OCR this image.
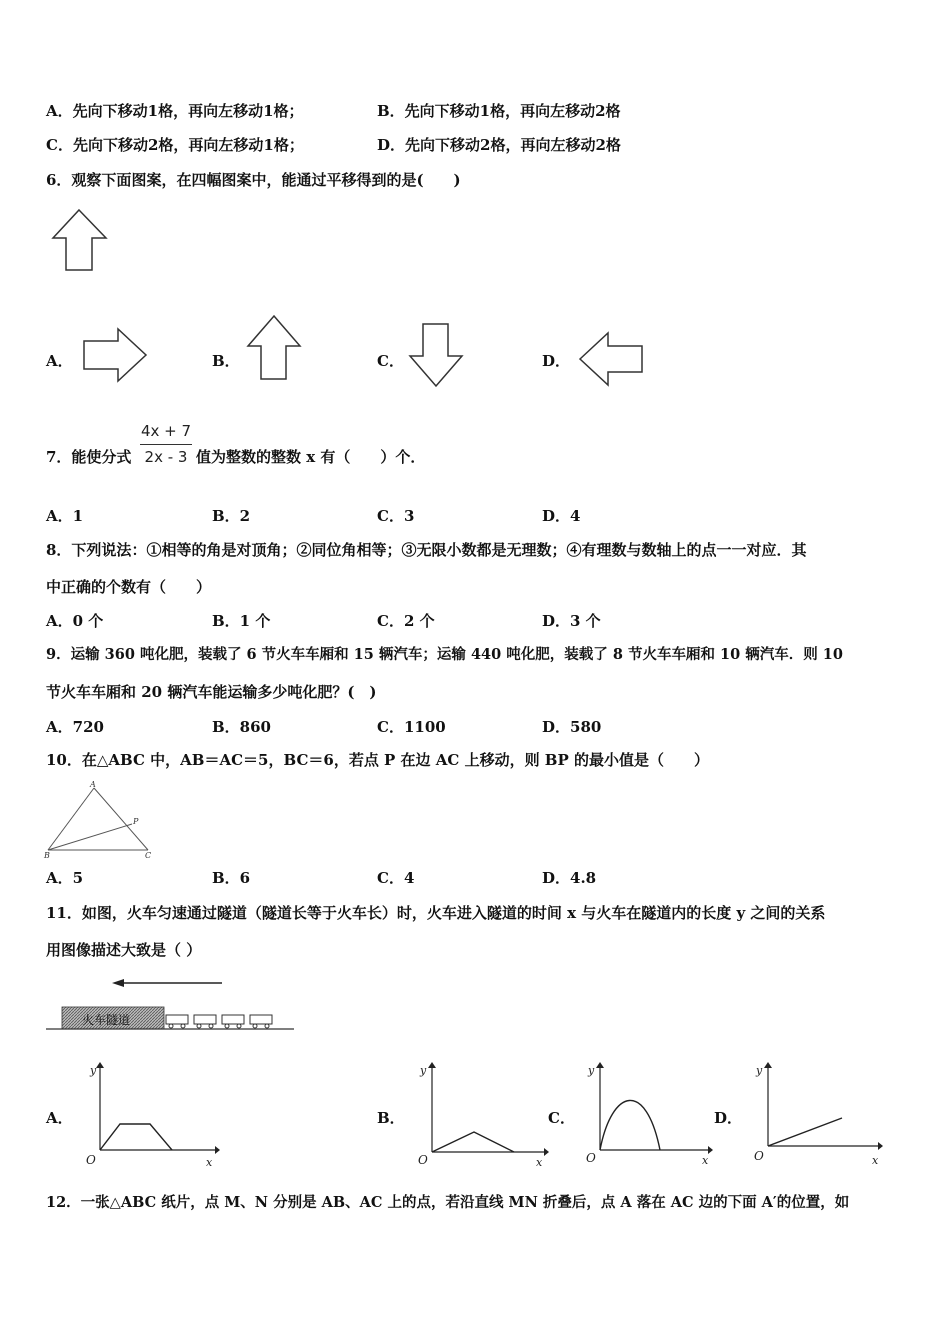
A．先向下移动1格，再向左移动1格；	B．先向下移动1格，再向左移动2格
C．先向下移动2格，再向左移动1格；	D．先向下移动2格，再向左移动2格
6．观察下面图案，在四幅图案中，能通过平移得到的是(　　)
A．	B．	C．	D．
7．能使分式
4x + 7
2x - 3 值为整数的整数 x 有（　　）个．
A．1	B．2	C．3	D．4
8．下列说法：①相等的角是对顶角；②同位角相等；③无限小数都是无理数；④有理数与数轴上的点一一对应．其
中正确的个数有（　　）
A．0 个	B．1 个	C．2 个	D．3 个
9．运输 360 吨化肥，装载了 6 节火车车厢和 15 辆汽车；运输 440 吨化肥，装载了 8 节火车车厢和 10 辆汽车．则 10
节火车车厢和 20 辆汽车能运输多少吨化肥？(　)
A．720	B．860	C．1100	D．580
10．在△ABC 中，AB＝AC＝5，BC＝6，若点 P 在边 AC 上移动，则 BP 的最小值是（　　）
A
P
B	C
A．5	B．6	C．4	D．4.8
11．如图，火车匀速通过隧道（隧道长等于火车长）时，火车进入隧道的时间 x 与火车在隧道内的长度 y 之间的关系
用图像描述大致是（ ）
火车隧道
A．
y
O	x
B．
y
O	x
C．
y
O	x
D．
y
O	x
12．一张△ABC 纸片，点 M、N 分别是 AB、AC 上的点，若沿直线 MN 折叠后，点 A 落在 AC 边的下面 A′的位置，如
